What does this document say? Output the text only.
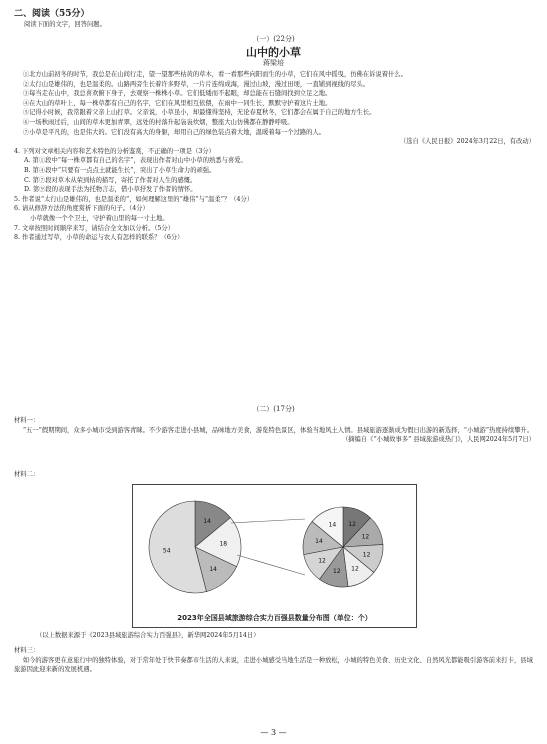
二、阅读（55分）
阅读下面的文字，回答问题。
（一）(22分)
山中的小草
蒋梁培

①北方山前初冬的时节，我总是在山间行走，望一望那些枯黄的草木，看一看那些向阳而生的小草，它们在风中摇曳，仿佛在诉说着什么。

②太行山是雄伟的，也是温柔的。山路两旁生长着许多野草，一片片连绵成海，漫过山坡，漫过田埂，一直铺到视线的尽头。

③每当走在山中，我总喜欢俯下身子，去观察一株株小草。它们低矮而不起眼，却总能在石缝间找到立足之地。

④在大山的草叶上，每一株草都有自己的名字，它们在风里相互依偎，在雨中一同生长，默默守护着这片土地。

⑤记得小时候，我常跟着父亲上山打草。父亲说，小草虽小，却最懂得坚持，无论春夏秋冬，它们都会在属于自己的地方生长。

⑥一场秋雨过后，山间的草木更加青翠，远处的村落升起袅袅炊烟，整座大山仿佛都在静静呼吸。

⑦小草是平凡的，也是伟大的。它们没有高大的身躯，却用自己的绿色装点着大地，温暖着每一个过路的人。

（选自《人民日报》2024年3月22日，有改动）

4. 下列对文章相关内容和艺术特色的分析鉴赏，不正确的一项是（3分）

A. 第①段中“每一株草都有自己的名字”，表现出作者对山中小草的熟悉与喜爱。

B. 第④段中“只要有一点点土就能生长”，突出了小草生命力的顽强。

C. 第⑦段对草木从荣到枯的描写，寄托了作者对人生的感慨。

D. 第⑨段的表现手法为托物言志，借小草抒发了作者的情怀。

5. 作者说“太行山是雄伟的，也是温柔的”，如何理解这里的“雄伟”与“温柔”？（4分）

6. 请从修辞方法的角度赏析下面的句子。（4分）

小草就像一个个卫士，守护着山里的每一寸土地。

7. 文章按照时间顺序来写，请结合全文加以分析。（5分）

8. 作者通过写草，小草的命运与农人有怎样的联系？（6分）

（二）(17分)

材料一：

“五一”假期期间，众多小城市受到游客青睐。不少游客走进小县城，品味地方美食，游览特色景区，体验当地风土人情。县域旅游逐渐成为假日出游的新选择，“小城游”热度持续攀升。

（摘编自《“小城故事多” 县域旅游成热门》，人民网2024年5月7日）

材料二：
14
18
14
54
12
12
12
12
12
12
14
14
2023年全国县域旅游综合实力百强县数量分布图（单位：个）
（以上数据来源于《2023县域旅游综合实力百强县》，新华网2024年5月14日）

材料三：

如今的游客更在意旅行中的独特体验，对于常年处于快节奏都市生活的人来说，走进小城感受当地生活是一种放松，小城的特色美食、历史文化、自然风光都能吸引游客前来打卡，县域旅游因此迎来新的发展机遇。

— 3 —
